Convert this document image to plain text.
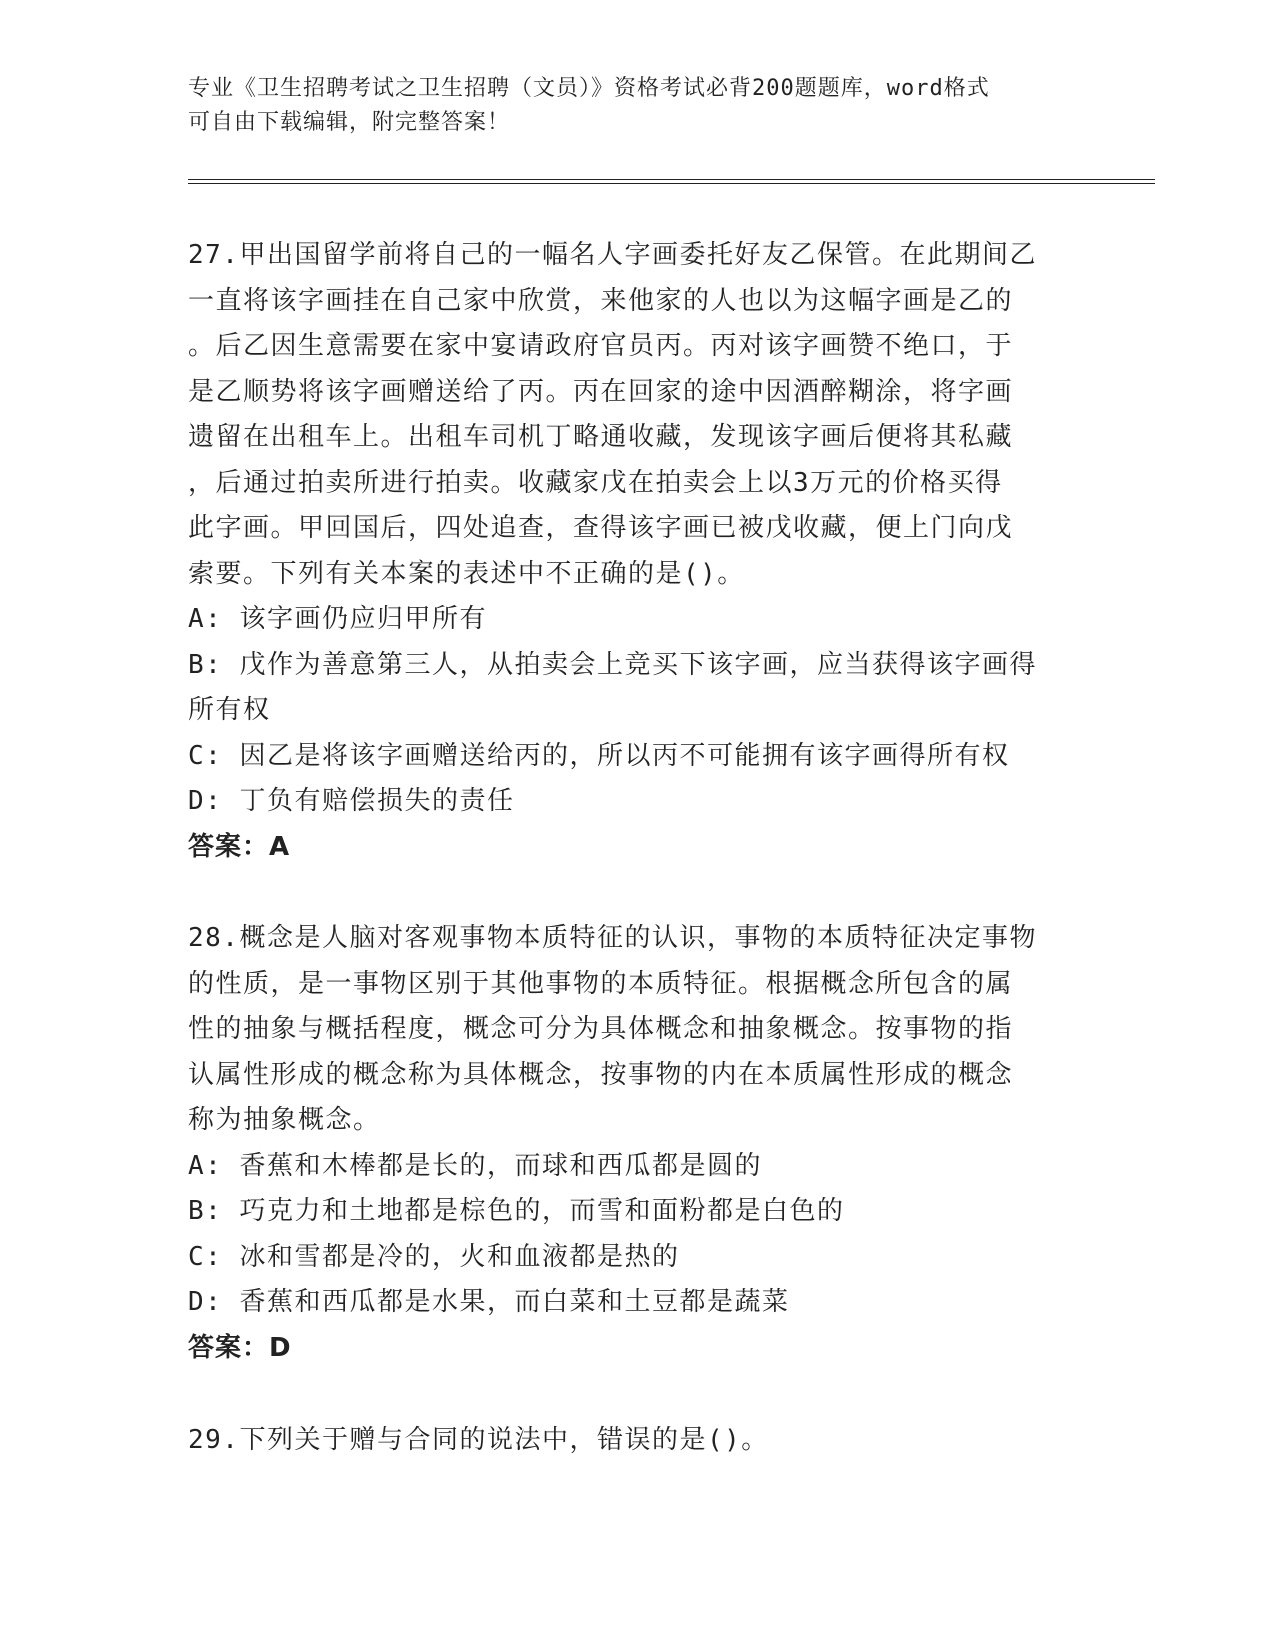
专业《卫生招聘考试之卫生招聘（文员）》资格考试必背200题题库，word格式
可自由下载编辑，附完整答案！

27.甲出国留学前将自己的一幅名人字画委托好友乙保管。在此期间乙

一直将该字画挂在自己家中欣赏，来他家的人也以为这幅字画是乙的

。后乙因生意需要在家中宴请政府官员丙。丙对该字画赞不绝口，于

是乙顺势将该字画赠送给了丙。丙在回家的途中因酒醉糊涂，将字画

遗留在出租车上。出租车司机丁略通收藏，发现该字画后便将其私藏

，后通过拍卖所进行拍卖。收藏家戊在拍卖会上以3万元的价格买得

此字画。甲回国后，四处追查，查得该字画已被戊收藏，便上门向戊

索要。下列有关本案的表述中不正确的是()。

A: 该字画仍应归甲所有

B: 戊作为善意第三人，从拍卖会上竞买下该字画，应当获得该字画得

所有权

C: 因乙是将该字画赠送给丙的，所以丙不可能拥有该字画得所有权

D: 丁负有赔偿损失的责任

答案：A

28.概念是人脑对客观事物本质特征的认识，事物的本质特征决定事物

的性质，是一事物区别于其他事物的本质特征。根据概念所包含的属

性的抽象与概括程度，概念可分为具体概念和抽象概念。按事物的指

认属性形成的概念称为具体概念，按事物的内在本质属性形成的概念

称为抽象概念。

A: 香蕉和木棒都是长的，而球和西瓜都是圆的

B: 巧克力和土地都是棕色的，而雪和面粉都是白色的

C: 冰和雪都是冷的，火和血液都是热的

D: 香蕉和西瓜都是水果，而白菜和土豆都是蔬菜

答案：D

29.下列关于赠与合同的说法中，错误的是()。
